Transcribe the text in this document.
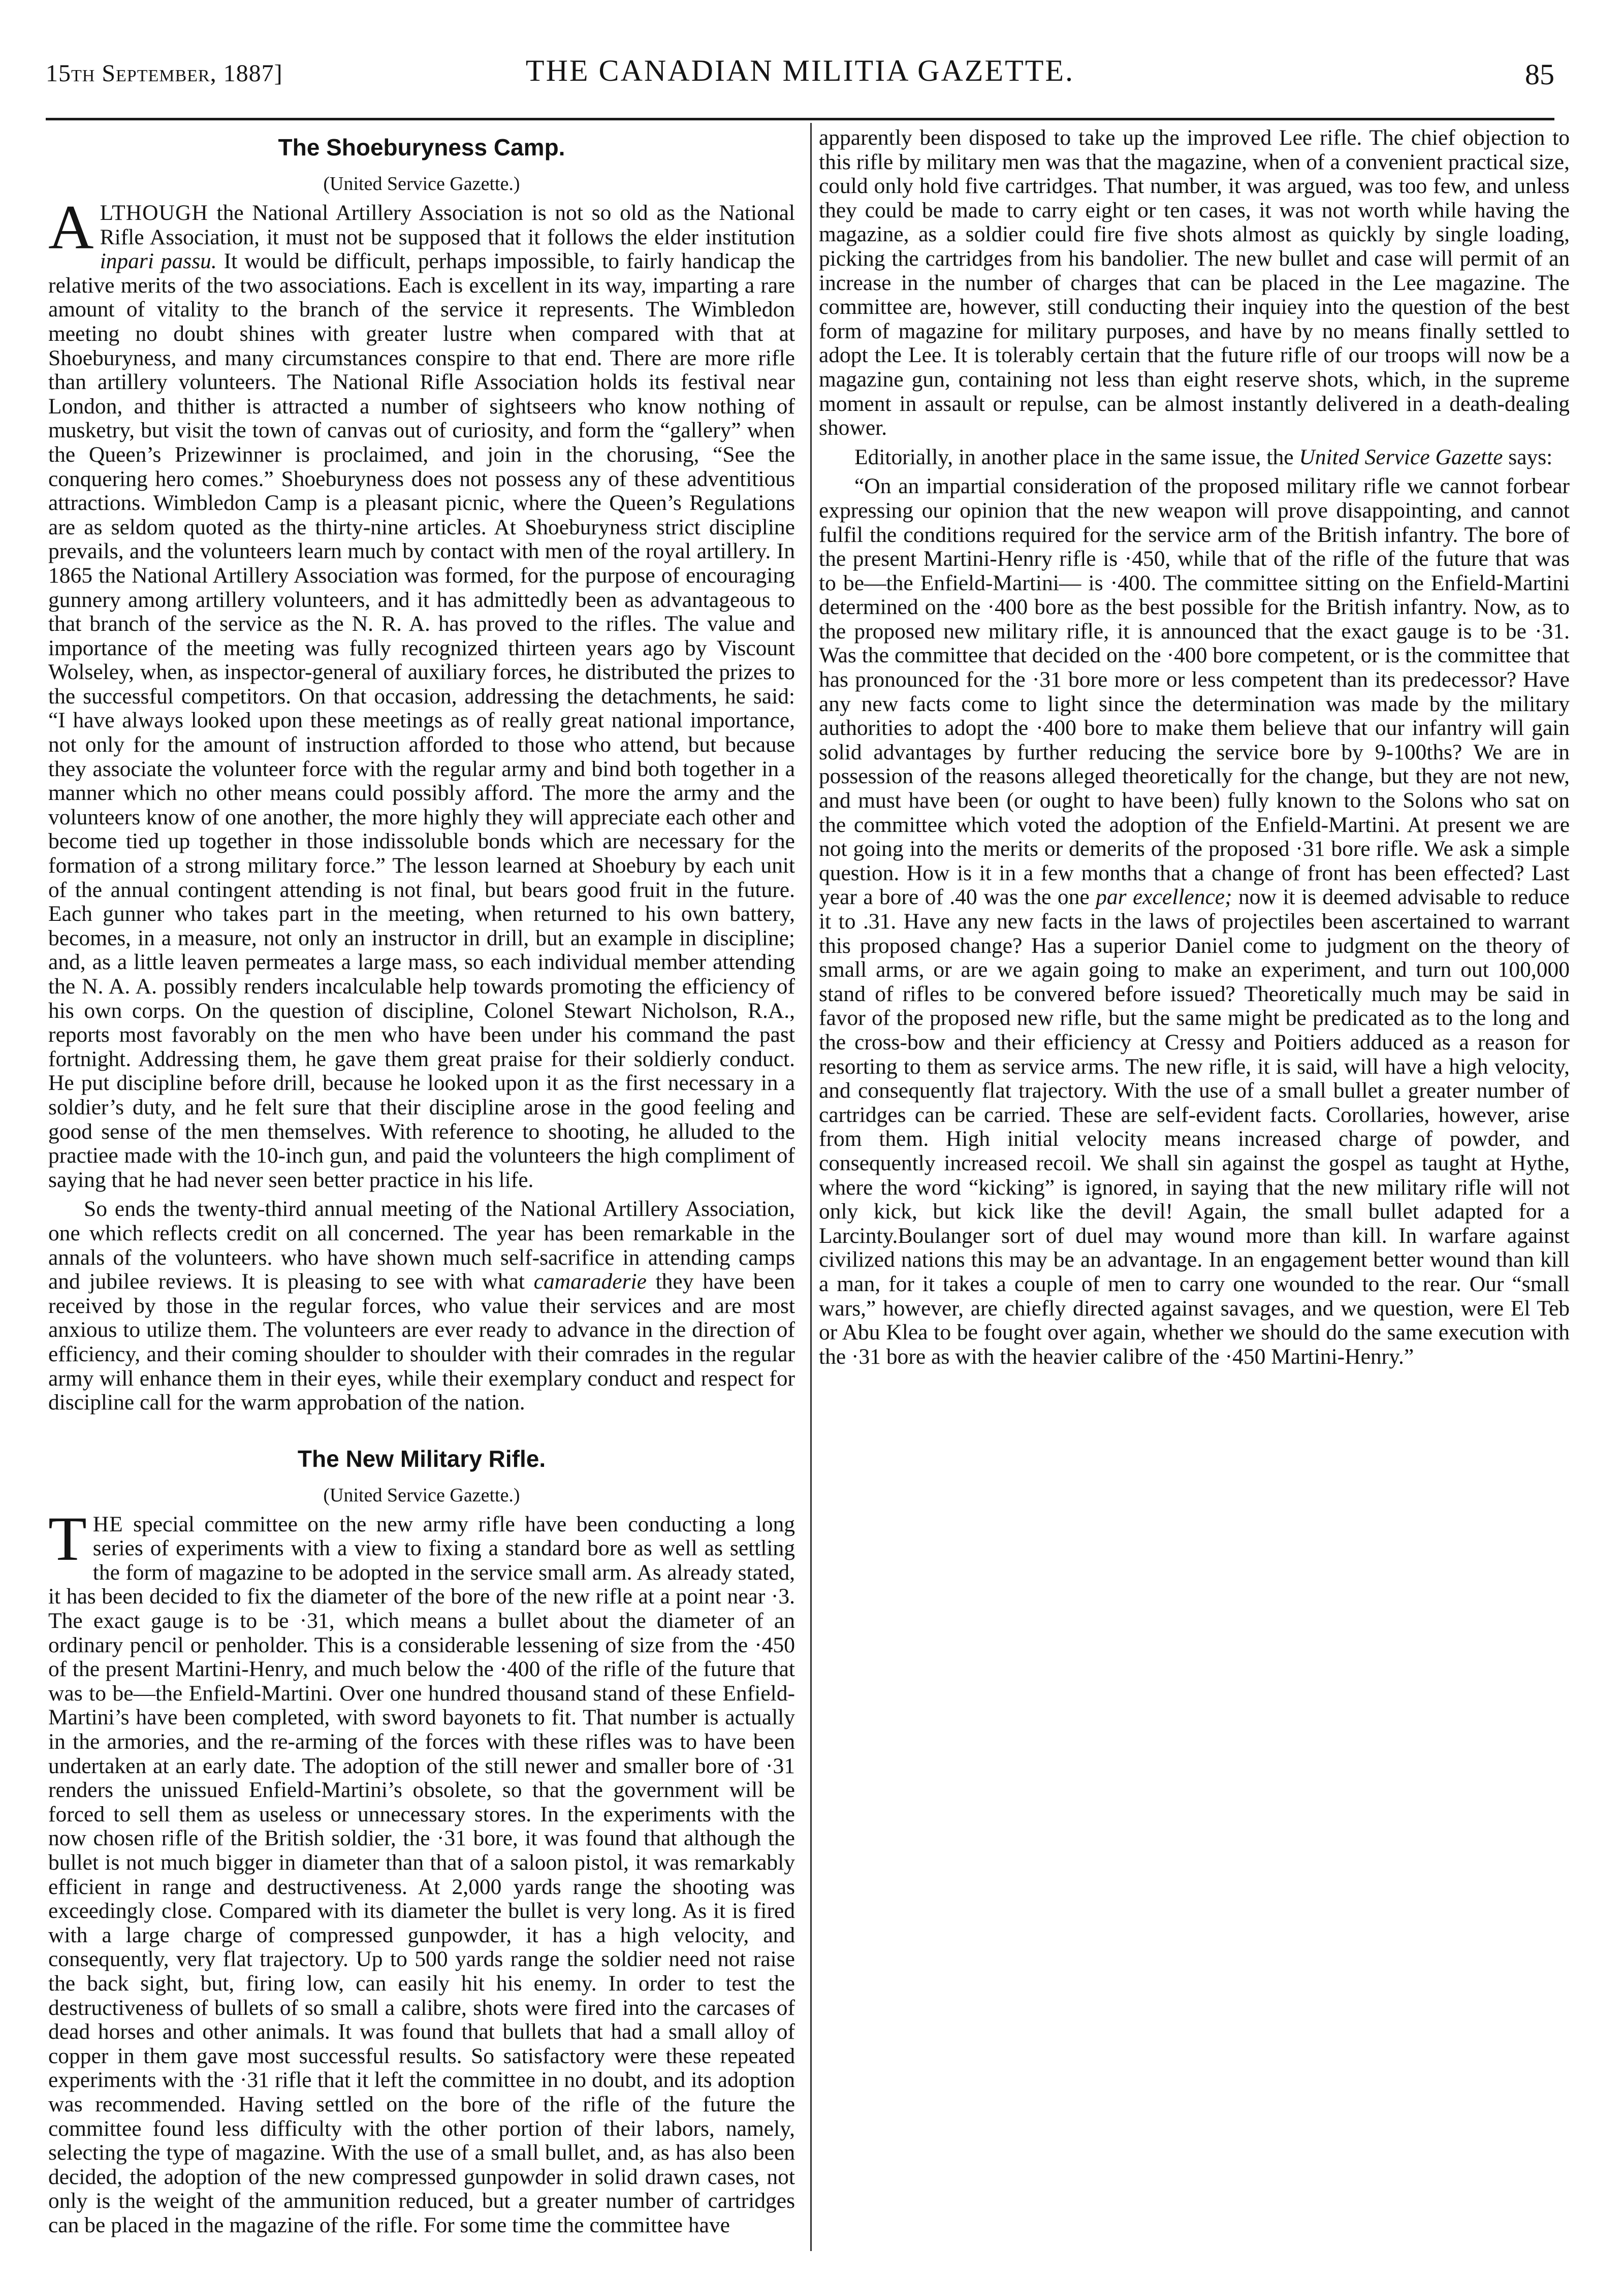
15th September, 1887]	THE CANADIAN MILITIA GAZETTE.	85
The Shoeburyness Camp.
(United Service Gazette.)

ALTHOUGH the National Artillery Association is not so old as the National Rifle Association, it must not be supposed that it follows the elder institution inpari passu. It would be difficult, perhaps impossible, to fairly handicap the relative merits of the two associations. Each is excellent in its way, imparting a rare amount of vitality to the branch of the service it represents. The Wimbledon meeting no doubt shines with greater lustre when compared with that at Shoeburyness, and many circumstances conspire to that end. There are more rifle than artillery volunteers. The National Rifle Association holds its festival near London, and thither is attracted a number of sightseers who know nothing of musketry, but visit the town of canvas out of curiosity, and form the “gallery” when the Queen’s Prizewinner is proclaimed, and join in the chorusing, “See the conquering hero comes.” Shoeburyness does not possess any of these adventitious attractions. Wimbledon Camp is a pleasant picnic, where the Queen’s Regulations are as seldom quoted as the thirty-nine articles. At Shoeburyness strict discipline prevails, and the volunteers learn much by contact with men of the royal artillery. In 1865 the National Artillery Association was formed, for the purpose of encouraging gunnery among artillery volunteers, and it has admittedly been as advantageous to that branch of the service as the N. R. A. has proved to the rifles. The value and importance of the meeting was fully recognized thirteen years ago by Viscount Wolseley, when, as inspector-general of auxiliary forces, he distributed the prizes to the successful competitors. On that occasion, addressing the detachments, he said: “I have always looked upon these meetings as of really great national importance, not only for the amount of instruction afforded to those who attend, but because they associate the volunteer force with the regular army and bind both together in a manner which no other means could possibly afford. The more the army and the volunteers know of one another, the more highly they will appreciate each other and become tied up together in those indissoluble bonds which are necessary for the formation of a strong military force.” The lesson learned at Shoebury by each unit of the annual contingent attending is not final, but bears good fruit in the future. Each gunner who takes part in the meeting, when returned to his own battery, becomes, in a measure, not only an instructor in drill, but an example in discipline; and, as a little leaven permeates a large mass, so each individual member attending the N. A. A. possibly renders incalculable help towards promoting the efficiency of his own corps. On the question of discipline, Colonel Stewart Nicholson, R.A., reports most favorably on the men who have been under his command the past fortnight. Addressing them, he gave them great praise for their soldierly conduct. He put discipline before drill, because he looked upon it as the first necessary in a soldier’s duty, and he felt sure that their discipline arose in the good feeling and good sense of the men themselves. With reference to shooting, he alluded to the practiee made with the 10-inch gun, and paid the volunteers the high compliment of saying that he had never seen better practice in his life.

So ends the twenty-third annual meeting of the National Artillery Association, one which reflects credit on all concerned. The year has been remarkable in the annals of the volunteers. who have shown much self-sacrifice in attending camps and jubilee reviews. It is pleasing to see with what camaraderie they have been received by those in the regular forces, who value their services and are most anxious to utilize them. The volunteers are ever ready to advance in the direction of efficiency, and their coming shoulder to shoulder with their comrades in the regular army will enhance them in their eyes, while their exemplary conduct and respect for discipline call for the warm approbation of the nation.

The New Military Rifle.
(United Service Gazette.)

THE special committee on the new army rifle have been conducting a long series of experiments with a view to fixing a standard bore as well as settling the form of magazine to be adopted in the service small arm. As already stated, it has been decided to fix the diameter of the bore of the new rifle at a point near ·3. The exact gauge is to be ·31, which means a bullet about the diameter of an ordinary pencil or penholder. This is a considerable lessening of size from the ·450 of the present Martini-Henry, and much below the ·400 of the rifle of the future that was to be—the Enfield-Martini. Over one hundred thousand stand of these Enfield-Martini’s have been completed, with sword bayonets to fit. That number is actually in the armories, and the re-arming of the forces with these rifles was to have been undertaken at an early date. The adoption of the still newer and smaller bore of ·31 renders the unissued Enfield-Martini’s obsolete, so that the government will be forced to sell them as useless or unnecessary stores. In the experiments with the now chosen rifle of the British soldier, the ·31 bore, it was found that although the bullet is not much bigger in diameter than that of a saloon pistol, it was remarkably efficient in range and destructiveness. At 2,000 yards range the shooting was exceedingly close. Compared with its diameter the bullet is very long. As it is fired with a large charge of compressed gunpowder, it has a high velocity, and consequently, very flat trajectory. Up to 500 yards range the soldier need not raise the back sight, but, firing low, can easily hit his enemy. In order to test the destructiveness of bullets of so small a calibre, shots were fired into the carcases of dead horses and other animals. It was found that bullets that had a small alloy of copper in them gave most successful results. So satisfactory were these repeated experiments with the ·31 rifle that it left the committee in no doubt, and its adoption was recommended. Having settled on the bore of the rifle of the future the committee found less difficulty with the other portion of their labors, namely, selecting the type of magazine. With the use of a small bullet, and, as has also been decided, the adoption of the new compressed gunpowder in solid drawn cases, not only is the weight of the ammunition reduced, but a greater number of cartridges can be placed in the magazine of the rifle. For some time the committee have

apparently been disposed to take up the improved Lee rifle. The chief objection to this rifle by military men was that the magazine, when of a convenient practical size, could only hold five cartridges. That number, it was argued, was too few, and unless they could be made to carry eight or ten cases, it was not worth while having the magazine, as a soldier could fire five shots almost as quickly by single loading, picking the cartridges from his bandolier. The new bullet and case will permit of an increase in the number of charges that can be placed in the Lee magazine. The committee are, however, still conducting their inquiey into the question of the best form of magazine for military purposes, and have by no means finally settled to adopt the Lee. It is tolerably certain that the future rifle of our troops will now be a magazine gun, containing not less than eight reserve shots, which, in the supreme moment in assault or repulse, can be almost instantly delivered in a death-dealing shower.

Editorially, in another place in the same issue, the United Service Gazette says:

“On an impartial consideration of the proposed military rifle we cannot forbear expressing our opinion that the new weapon will prove disappointing, and cannot fulfil the conditions required for the service arm of the British infantry. The bore of the present Martini-Henry rifle is ·450, while that of the rifle of the future that was to be—the Enfield-Martini— is ·400. The committee sitting on the Enfield-Martini determined on the ·400 bore as the best possible for the British infantry. Now, as to the proposed new military rifle, it is announced that the exact gauge is to be ·31. Was the committee that decided on the ·400 bore competent, or is the committee that has pronounced for the ·31 bore more or less competent than its predecessor? Have any new facts come to light since the determination was made by the military authorities to adopt the ·400 bore to make them believe that our infantry will gain solid advantages by further reducing the service bore by 9-100ths? We are in possession of the reasons alleged theoretically for the change, but they are not new, and must have been (or ought to have been) fully known to the Solons who sat on the committee which voted the adoption of the Enfield-Martini. At present we are not going into the merits or demerits of the proposed ·31 bore rifle. We ask a simple question. How is it in a few months that a change of front has been effected? Last year a bore of .40 was the one par excellence; now it is deemed advisable to reduce it to .31. Have any new facts in the laws of projectiles been ascertained to warrant this proposed change? Has a superior Daniel come to judgment on the theory of small arms, or are we again going to make an experiment, and turn out 100,000 stand of rifles to be convered before issued? Theoretically much may be said in favor of the proposed new rifle, but the same might be predicated as to the long and the cross-bow and their efficiency at Cressy and Poitiers adduced as a reason for resorting to them as service arms. The new rifle, it is said, will have a high velocity, and consequently flat trajectory. With the use of a small bullet a greater number of cartridges can be carried. These are self-evident facts. Corollaries, however, arise from them. High initial velocity means increased charge of powder, and consequently increased recoil. We shall sin against the gospel as taught at Hythe, where the word “kicking” is ignored, in saying that the new military rifle will not only kick, but kick like the devil! Again, the small bullet adapted for a Larcinty.Boulanger sort of duel may wound more than kill. In warfare against civilized nations this may be an advantage. In an engagement better wound than kill a man, for it takes a couple of men to carry one wounded to the rear. Our “small wars,” however, are chiefly directed against savages, and we question, were El Teb or Abu Klea to be fought over again, whether we should do the same execution with the ·31 bore as with the heavier calibre of the ·450 Martini-Henry.”
